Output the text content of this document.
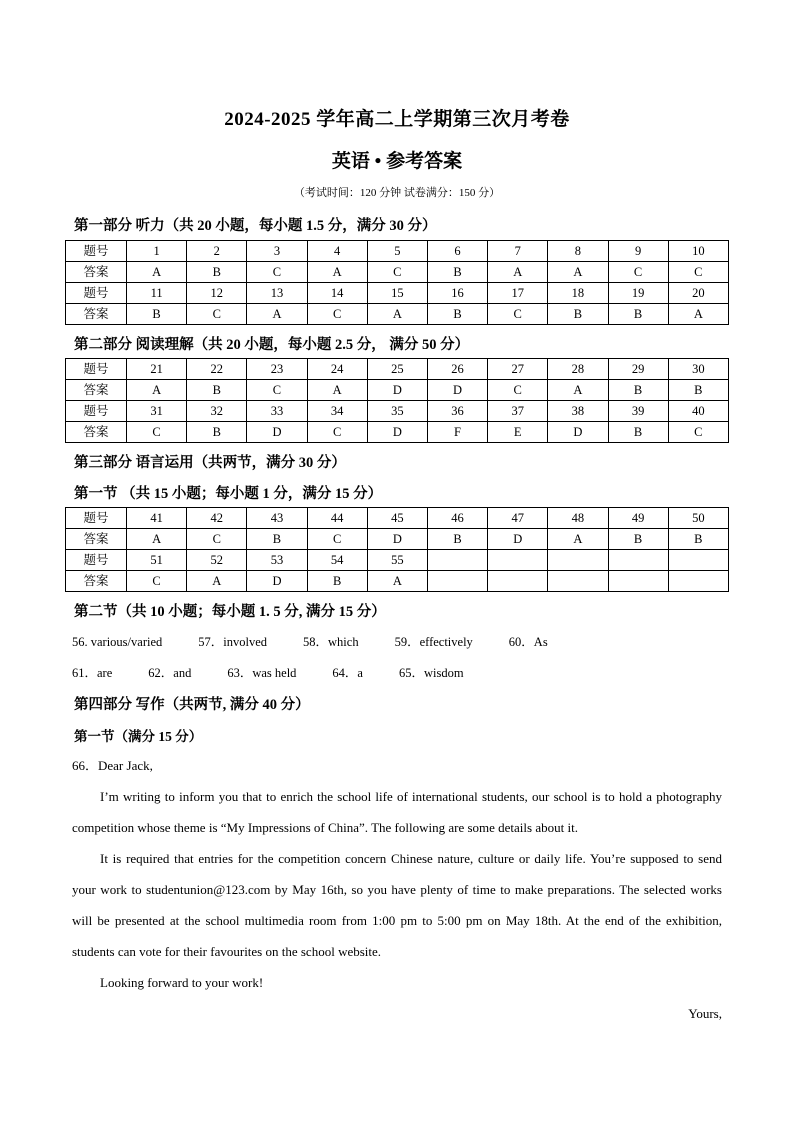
2024-2025 学年高二上学期第三次月考卷
英语 • 参考答案
（考试时间：120 分钟 试卷满分：150 分）
第一部分 听力（共 20 小题，每小题 1.5 分，满分 30 分）
题号	1	2	3	4	5	6	7	8	9	10
答案	A	B	C	A	C	B	A	A	C	C
题号	11	12	13	14	15	16	17	18	19	20
答案	B	C	A	C	A	B	C	B	B	A
第二部分 阅读理解（共 20 小题，每小题 2.5 分， 满分 50 分）
题号	21	22	23	24	25	26	27	28	29	30
答案	A	B	C	A	D	D	C	A	B	B
题号	31	32	33	34	35	36	37	38	39	40
答案	C	B	D	C	D	F	E	D	B	C
第三部分 语言运用（共两节，满分 30 分）
第一节 （共 15 小题；每小题 1 分，满分 15 分）
题号	41	42	43	44	45	46	47	48	49	50
答案	A	C	B	C	D	B	D	A	B	B
题号	51	52	53	54	55					
答案	C	A	D	B	A					
第二节（共 10 小题；每小题 1. 5 分, 满分 15 分）
56. various/varied	57．involved	58．which	59．effectively	60．As
61．are	62．and	63．was held	64．a	65．wisdom
第四部分 写作（共两节, 满分 40 分）
第一节（满分 15 分）

66．Dear Jack,

I’m writing to inform you that to enrich the school life of international students, our school is to hold a photography competition whose theme is “My Impressions of China”. The following are some details about it.

It is required that entries for the competition concern Chinese nature, culture or daily life. You’re supposed to send your work to studentunion@123.com by May 16th, so you have plenty of time to make preparations. The selected works will be presented at the school multimedia room from 1:00 pm to 5:00 pm on May 18th. At the end of the exhibition, students can vote for their favourites on the school website.

Looking forward to your work!

Yours,
